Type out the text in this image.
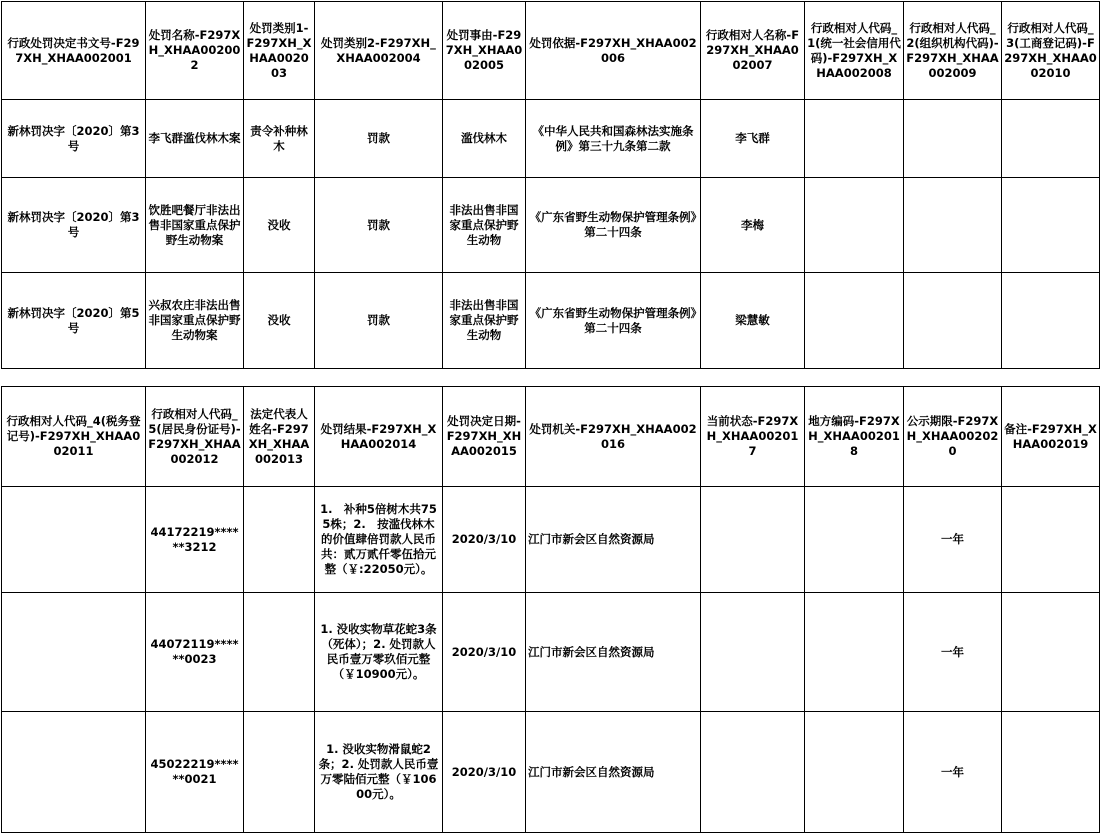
行政处罚决定书文号-F297XH_XHAA002001	处罚名称-F297XH_XHAA002002	处罚类别1-F297XH_XHAA002003	处罚类别2-F297XH_XHAA002004	处罚事由-F297XH_XHAA002005	处罚依据-F297XH_XHAA002006	行政相对人名称-F297XH_XHAA002007	行政相对人代码_1(统一社会信用代码)-F297XH_XHAA002008	行政相对人代码_2(组织机构代码)-F297XH_XHAA002009	行政相对人代码_3(工商登记码)-F297XH_XHAA002010
新林罚决字〔2020〕第3号	李飞群滥伐林木案	责令补种林木	罚款	滥伐林木	《中华人民共和国森林法实施条例》第三十九条第二款	李飞群			
新林罚决字〔2020〕第3号	饮胜吧餐厅非法出售非国家重点保护野生动物案	没收	罚款	非法出售非国家重点保护野生动物	《广东省野生动物保护管理条例》第二十四条	李梅			
新林罚决字〔2020〕第5号	兴叔农庄非法出售非国家重点保护野生动物案	没收	罚款	非法出售非国家重点保护野生动物	《广东省野生动物保护管理条例》第二十四条	梁慧敏			
行政相对人代码_4(税务登记号)-F297XH_XHAA002011	行政相对人代码_5(居民身份证号)-F297XH_XHAA002012	法定代表人姓名-F297XH_XHAA002013	处罚结果-F297XH_XHAA002014	处罚决定日期-F297XH_XHAA002015	处罚机关-F297XH_XHAA002016	当前状态-F297XH_XHAA002017	地方编码-F297XH_XHAA002018	公示期限-F297XH_XHAA002020	备注-F297XH_XHAA002019
	44172219******3212		1.　补种5倍树木共755株；2.　按滥伐林木的价值肆倍罚款人民币共：贰万贰仟零伍拾元整（￥:22050元）。	2020/3/10	江门市新会区自然资源局			一年	
	44072119******0023		1. 没收实物草花蛇3条（死体）；2. 处罚款人民币壹万零玖佰元整（￥10900元）。	2020/3/10	江门市新会区自然资源局			一年	
	45022219******0021		1. 没收实物滑鼠蛇2条；2. 处罚款人民币壹万零陆佰元整（￥10600元）。	2020/3/10	江门市新会区自然资源局			一年	
